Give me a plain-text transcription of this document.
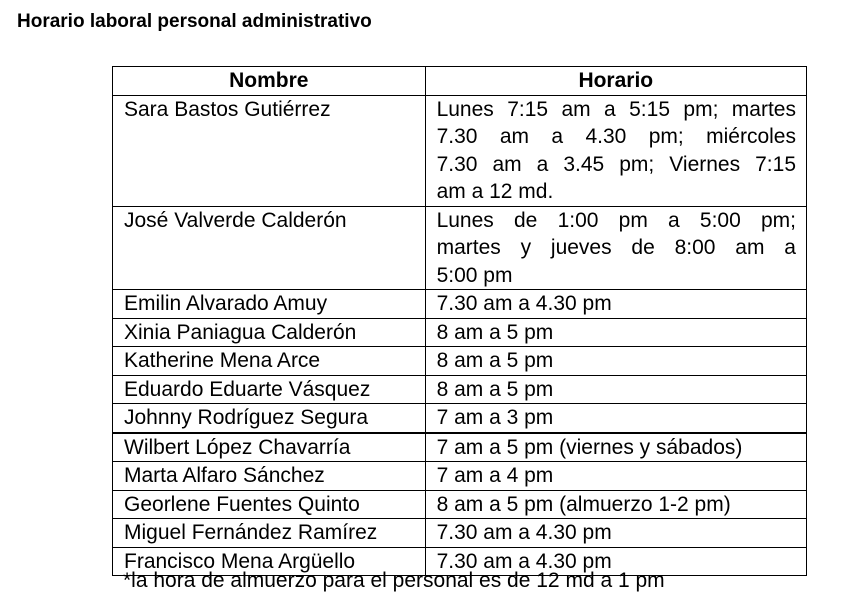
Horario laboral personal administrativo
Nombre	Horario
Sara Bastos Gutiérrez	Lunes 7:15 am a 5:15 pm; martes
7.30 am a 4.30 pm; miércoles
7.30 am a 3.45 pm; Viernes 7:15
am a 12 md.

José Valverde Calderón	Lunes de 1:00 pm a 5:00 pm;
martes y jueves de 8:00 am a
5:00 pm

Emilin Alvarado Amuy	7.30 am a 4.30 pm

Xinia Paniagua Calderón	8 am a 5 pm

Katherine Mena Arce	8 am a 5 pm

Eduardo Eduarte Vásquez	8 am a 5 pm

Johnny Rodríguez Segura	7 am a 3 pm

Wilbert López Chavarría	7 am a 5 pm (viernes y sábados)

Marta Alfaro Sánchez	7 am a 4 pm

Georlene Fuentes Quinto	8 am a 5 pm (almuerzo 1-2 pm)

Miguel Fernández Ramírez	7.30 am a 4.30 pm

Francisco Mena Argüello	7.30 am a 4.30 pm
*la hora de almuerzo para el personal es de 12 md a 1 pm
